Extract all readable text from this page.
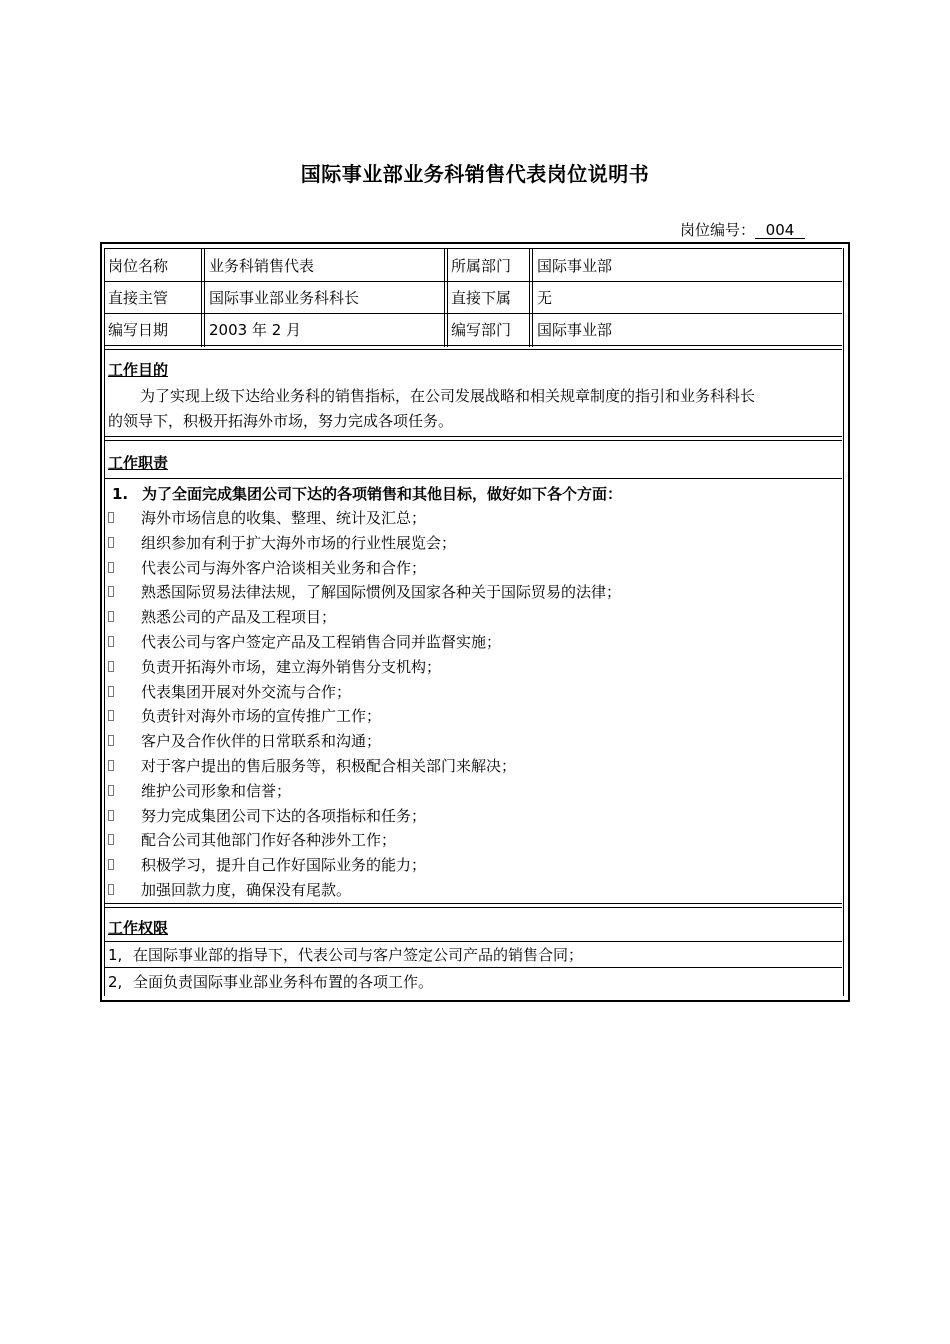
国际事业部业务科销售代表岗位说明书
岗位编号： 004
岗位名称	业务科销售代表	所属部门 国际事业部
直接主管	国际事业部业务科科长	直接下属 无
编写日期	2003 年 2 月	编写部门 国际事业部
工作目的
为了实现上级下达给业务科的销售指标，在公司发展战略和相关规章制度的指引和业务科科长
的领导下，积极开拓海外市场，努力完成各项任务。
工作职责
1. 为了全面完成集团公司下达的各项销售和其他目标，做好如下各个方面：
海外市场信息的收集、整理、统计及汇总；
组织参加有利于扩大海外市场的行业性展览会；
代表公司与海外客户洽谈相关业务和合作；
熟悉国际贸易法律法规，了解国际惯例及国家各种关于国际贸易的法律；
熟悉公司的产品及工程项目；
代表公司与客户签定产品及工程销售合同并监督实施；
负责开拓海外市场，建立海外销售分支机构；
代表集团开展对外交流与合作；
负责针对海外市场的宣传推广工作；
客户及合作伙伴的日常联系和沟通；
对于客户提出的售后服务等，积极配合相关部门来解决；
维护公司形象和信誉；
努力完成集团公司下达的各项指标和任务；
配合公司其他部门作好各种涉外工作；
积极学习，提升自己作好国际业务的能力；
加强回款力度，确保没有尾款。
工作权限
1, 在国际事业部的指导下，代表公司与客户签定公司产品的销售合同；
2, 全面负责国际事业部业务科布置的各项工作。
